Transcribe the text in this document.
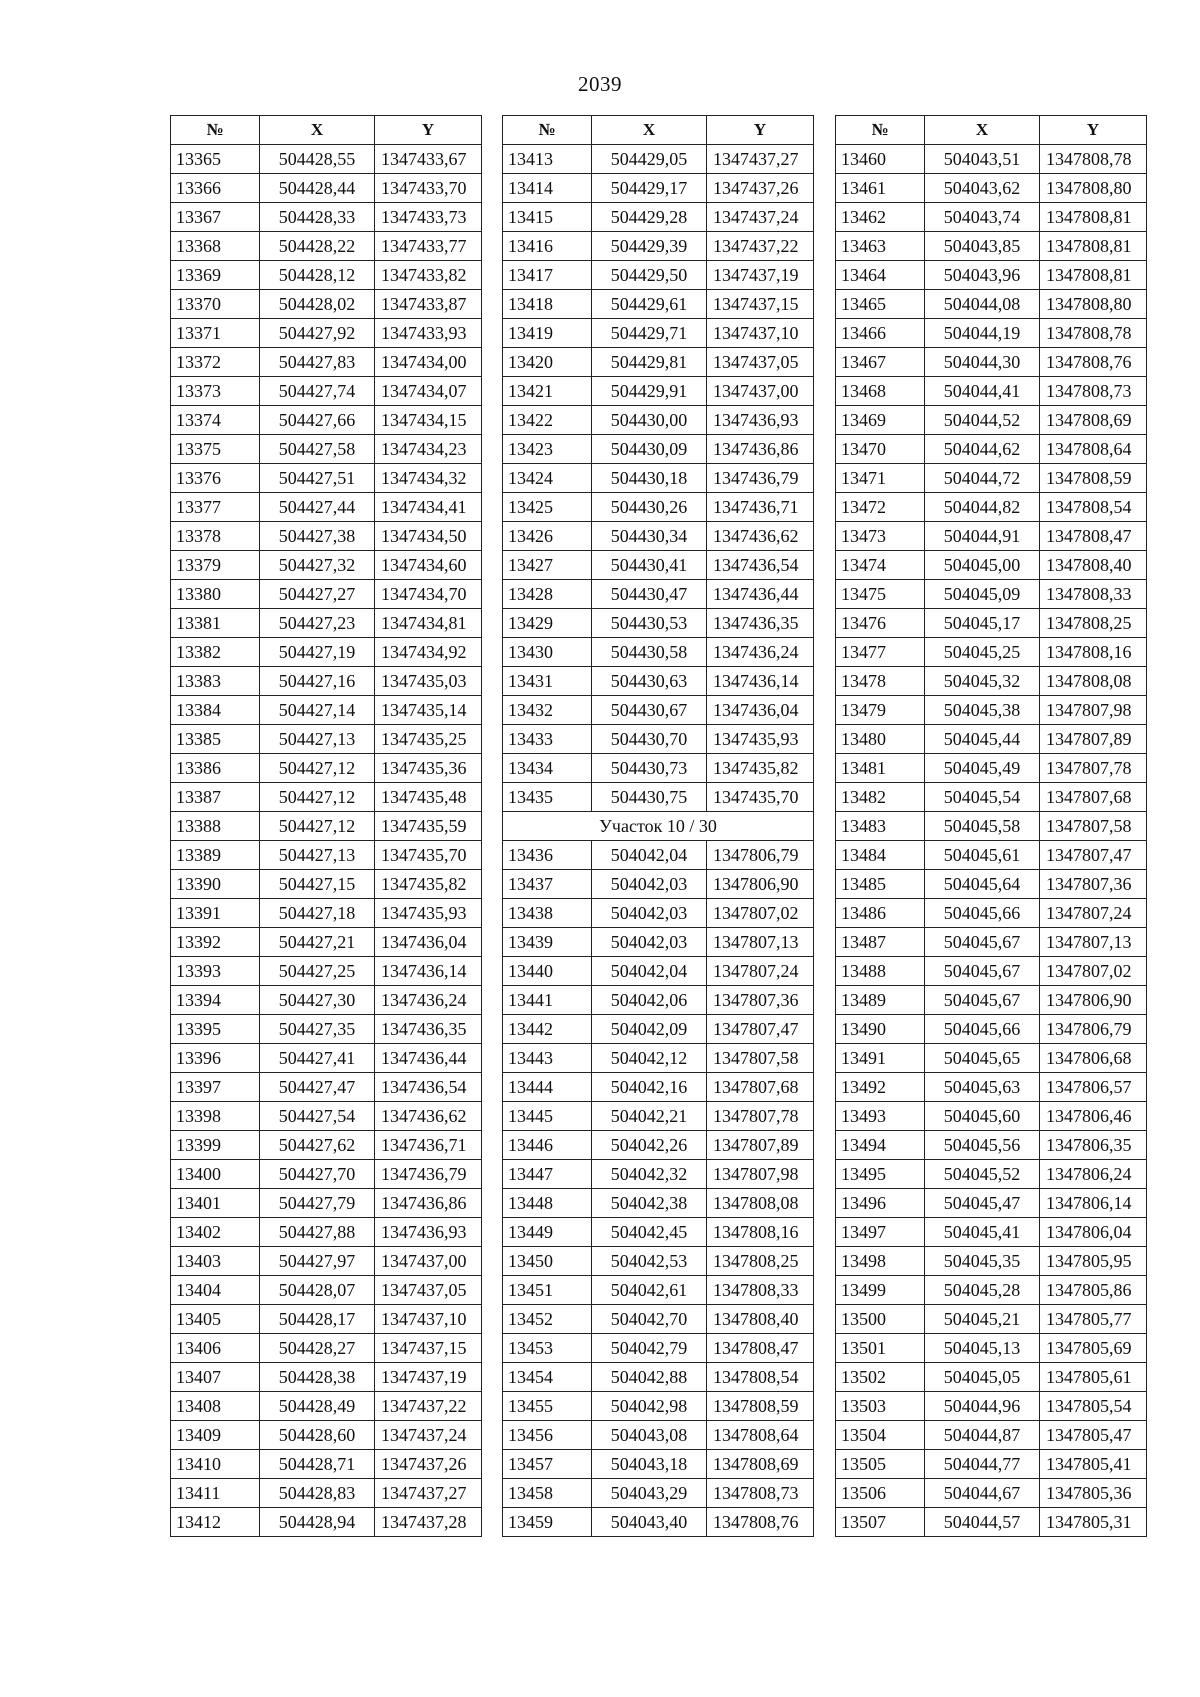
2039
№	X	Y
13365	504428,55	1347433,67
13366	504428,44	1347433,70
13367	504428,33	1347433,73
13368	504428,22	1347433,77
13369	504428,12	1347433,82
13370	504428,02	1347433,87
13371	504427,92	1347433,93
13372	504427,83	1347434,00
13373	504427,74	1347434,07
13374	504427,66	1347434,15
13375	504427,58	1347434,23
13376	504427,51	1347434,32
13377	504427,44	1347434,41
13378	504427,38	1347434,50
13379	504427,32	1347434,60
13380	504427,27	1347434,70
13381	504427,23	1347434,81
13382	504427,19	1347434,92
13383	504427,16	1347435,03
13384	504427,14	1347435,14
13385	504427,13	1347435,25
13386	504427,12	1347435,36
13387	504427,12	1347435,48
13388	504427,12	1347435,59
13389	504427,13	1347435,70
13390	504427,15	1347435,82
13391	504427,18	1347435,93
13392	504427,21	1347436,04
13393	504427,25	1347436,14
13394	504427,30	1347436,24
13395	504427,35	1347436,35
13396	504427,41	1347436,44
13397	504427,47	1347436,54
13398	504427,54	1347436,62
13399	504427,62	1347436,71
13400	504427,70	1347436,79
13401	504427,79	1347436,86
13402	504427,88	1347436,93
13403	504427,97	1347437,00
13404	504428,07	1347437,05
13405	504428,17	1347437,10
13406	504428,27	1347437,15
13407	504428,38	1347437,19
13408	504428,49	1347437,22
13409	504428,60	1347437,24
13410	504428,71	1347437,26
13411	504428,83	1347437,27
13412	504428,94	1347437,28
№	X	Y
13413	504429,05	1347437,27
13414	504429,17	1347437,26
13415	504429,28	1347437,24
13416	504429,39	1347437,22
13417	504429,50	1347437,19
13418	504429,61	1347437,15
13419	504429,71	1347437,10
13420	504429,81	1347437,05
13421	504429,91	1347437,00
13422	504430,00	1347436,93
13423	504430,09	1347436,86
13424	504430,18	1347436,79
13425	504430,26	1347436,71
13426	504430,34	1347436,62
13427	504430,41	1347436,54
13428	504430,47	1347436,44
13429	504430,53	1347436,35
13430	504430,58	1347436,24
13431	504430,63	1347436,14
13432	504430,67	1347436,04
13433	504430,70	1347435,93
13434	504430,73	1347435,82
13435	504430,75	1347435,70
Участок 10 / 30		
13436	504042,04	1347806,79
13437	504042,03	1347806,90
13438	504042,03	1347807,02
13439	504042,03	1347807,13
13440	504042,04	1347807,24
13441	504042,06	1347807,36
13442	504042,09	1347807,47
13443	504042,12	1347807,58
13444	504042,16	1347807,68
13445	504042,21	1347807,78
13446	504042,26	1347807,89
13447	504042,32	1347807,98
13448	504042,38	1347808,08
13449	504042,45	1347808,16
13450	504042,53	1347808,25
13451	504042,61	1347808,33
13452	504042,70	1347808,40
13453	504042,79	1347808,47
13454	504042,88	1347808,54
13455	504042,98	1347808,59
13456	504043,08	1347808,64
13457	504043,18	1347808,69
13458	504043,29	1347808,73
13459	504043,40	1347808,76
№	X	Y
13460	504043,51	1347808,78
13461	504043,62	1347808,80
13462	504043,74	1347808,81
13463	504043,85	1347808,81
13464	504043,96	1347808,81
13465	504044,08	1347808,80
13466	504044,19	1347808,78
13467	504044,30	1347808,76
13468	504044,41	1347808,73
13469	504044,52	1347808,69
13470	504044,62	1347808,64
13471	504044,72	1347808,59
13472	504044,82	1347808,54
13473	504044,91	1347808,47
13474	504045,00	1347808,40
13475	504045,09	1347808,33
13476	504045,17	1347808,25
13477	504045,25	1347808,16
13478	504045,32	1347808,08
13479	504045,38	1347807,98
13480	504045,44	1347807,89
13481	504045,49	1347807,78
13482	504045,54	1347807,68
13483	504045,58	1347807,58
13484	504045,61	1347807,47
13485	504045,64	1347807,36
13486	504045,66	1347807,24
13487	504045,67	1347807,13
13488	504045,67	1347807,02
13489	504045,67	1347806,90
13490	504045,66	1347806,79
13491	504045,65	1347806,68
13492	504045,63	1347806,57
13493	504045,60	1347806,46
13494	504045,56	1347806,35
13495	504045,52	1347806,24
13496	504045,47	1347806,14
13497	504045,41	1347806,04
13498	504045,35	1347805,95
13499	504045,28	1347805,86
13500	504045,21	1347805,77
13501	504045,13	1347805,69
13502	504045,05	1347805,61
13503	504044,96	1347805,54
13504	504044,87	1347805,47
13505	504044,77	1347805,41
13506	504044,67	1347805,36
13507	504044,57	1347805,31
